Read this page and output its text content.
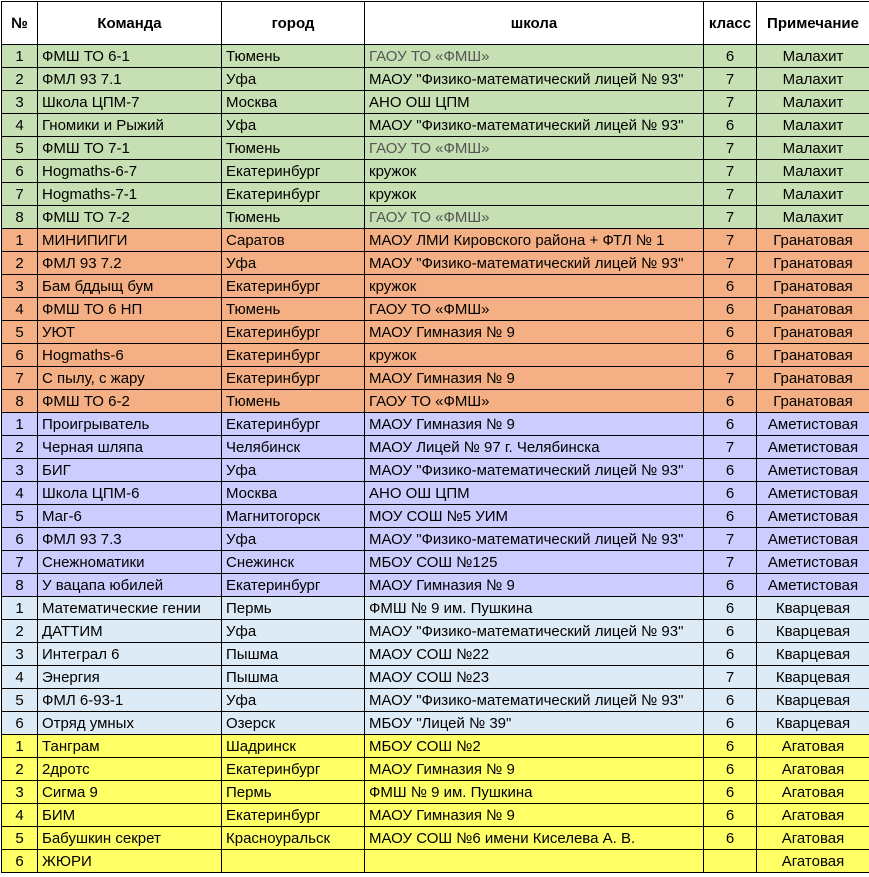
№	Команда	город	школа	класс	Примечание
1	ФМШ ТО 6-1	Тюмень	ГАОУ ТО «ФМШ»	6	Малахит
2	ФМЛ 93 7.1	Уфа	МАОУ "Физико-математический лицей № 93"	7	Малахит
3	Школа ЦПМ-7	Москва	АНО ОШ ЦПМ	7	Малахит
4	Гномики и Рыжий	Уфа	МАОУ "Физико-математический лицей № 93"	6	Малахит
5	ФМШ ТО 7-1	Тюмень	ГАОУ ТО «ФМШ»	7	Малахит
6	Hogmaths-6-7	Екатеринбург	кружок	7	Малахит
7	Hogmaths-7-1	Екатеринбург	кружок	7	Малахит
8	ФМШ ТО 7-2	Тюмень	ГАОУ ТО «ФМШ»	7	Малахит
1	МИНИПИГИ	Саратов	МАОУ ЛМИ Кировского района + ФТЛ № 1	7	Гранатовая
2	ФМЛ 93 7.2	Уфа	МАОУ "Физико-математический лицей № 93"	7	Гранатовая
3	Бам бддыщ бум	Екатеринбург	кружок	6	Гранатовая
4	ФМШ ТО 6 НП	Тюмень	ГАОУ ТО «ФМШ»	6	Гранатовая
5	УЮТ	Екатеринбург	МАОУ Гимназия № 9	6	Гранатовая
6	Hogmaths-6	Екатеринбург	кружок	6	Гранатовая
7	С пылу, с жару	Екатеринбург	МАОУ Гимназия № 9	7	Гранатовая
8	ФМШ ТО 6-2	Тюмень	ГАОУ ТО «ФМШ»	6	Гранатовая
1	Проигрыватель	Екатеринбург	МАОУ Гимназия № 9	6	Аметистовая
2	Черная шляпа	Челябинск	МАОУ Лицей № 97 г. Челябинска	7	Аметистовая
3	БИГ	Уфа	МАОУ "Физико-математический лицей № 93"	6	Аметистовая
4	Школа ЦПМ-6	Москва	АНО ОШ ЦПМ	6	Аметистовая
5	Маг-6	Магнитогорск	МОУ СОШ №5 УИМ	6	Аметистовая
6	ФМЛ 93 7.3	Уфа	МАОУ "Физико-математический лицей № 93"	7	Аметистовая
7	Снежноматики	Снежинск	МБОУ СОШ №125	7	Аметистовая
8	У вацапа юбилей	Екатеринбург	МАОУ Гимназия № 9	6	Аметистовая
1	Математические гении	Пермь	ФМШ № 9 им. Пушкина	6	Кварцевая
2	ДАТТИМ	Уфа	МАОУ "Физико-математический лицей № 93"	6	Кварцевая
3	Интеграл 6	Пышма	МАОУ СОШ №22	6	Кварцевая
4	Энергия	Пышма	МАОУ СОШ №23	7	Кварцевая
5	ФМЛ 6-93-1	Уфа	МАОУ "Физико-математический лицей № 93"	6	Кварцевая
6	Отряд умных	Озерск	МБОУ "Лицей № 39"	6	Кварцевая
1	Танграм	Шадринск	МБОУ СОШ №2	6	Агатовая
2	2дротс	Екатеринбург	МАОУ Гимназия № 9	6	Агатовая
3	Сигма 9	Пермь	ФМШ № 9 им. Пушкина	6	Агатовая
4	БИМ	Екатеринбург	МАОУ Гимназия № 9	6	Агатовая
5	Бабушкин секрет	Красноуральск	МАОУ СОШ №6 имени Киселева А. В.	6	Агатовая
6	ЖЮРИ				Агатовая
